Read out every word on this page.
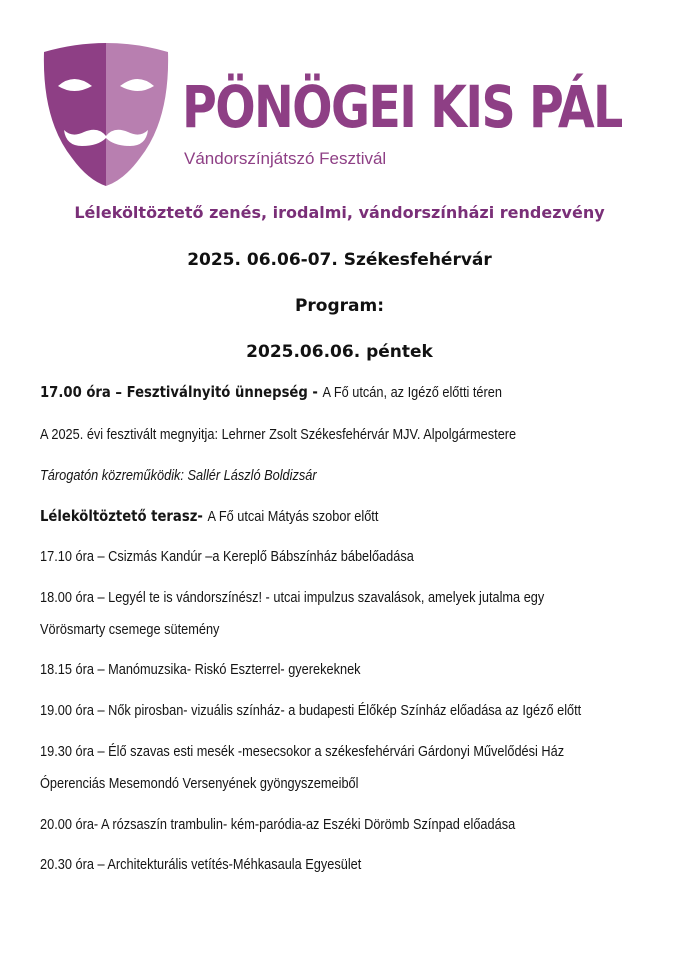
PÖNÖGEI KIS PÁL
Vándorszínjátszó Fesztivál
Léleköltöztető zenés, irodalmi, vándorszínházi rendezvény
2025. 06.06-07. Székesfehérvár
Program:
2025.06.06. péntek
17.00 óra – Fesztiválnyitó ünnepség - A Fő utcán, az Igéző előtti téren
A 2025. évi fesztivált megnyitja: Lehrner Zsolt Székesfehérvár MJV. Alpolgármestere
Tárogatón közreműködik: Sallér László Boldizsár
Léleköltöztető terasz- A Fő utcai Mátyás szobor előtt
17.10 óra – Csizmás Kandúr –a Kereplő Bábszínház bábelőadása
18.00 óra – Legyél te is vándorszínész! - utcai impulzus szavalások, amelyek jutalma egy
Vörösmarty csemege sütemény
18.15 óra – Manómuzsika- Riskó Eszterrel- gyerekeknek
19.00 óra – Nők pirosban- vizuális színház- a budapesti Élőkép Színház előadása az Igéző előtt
19.30 óra – Élő szavas esti mesék -mesecsokor a székesfehérvári Gárdonyi Művelődési Ház
Óperenciás Mesemondó Versenyének gyöngyszemeiből
20.00 óra- A rózsaszín trambulin- kém-paródia-az Eszéki Dörömb Színpad előadása
20.30 óra – Architekturális vetítés-Méhkasaula Egyesület
